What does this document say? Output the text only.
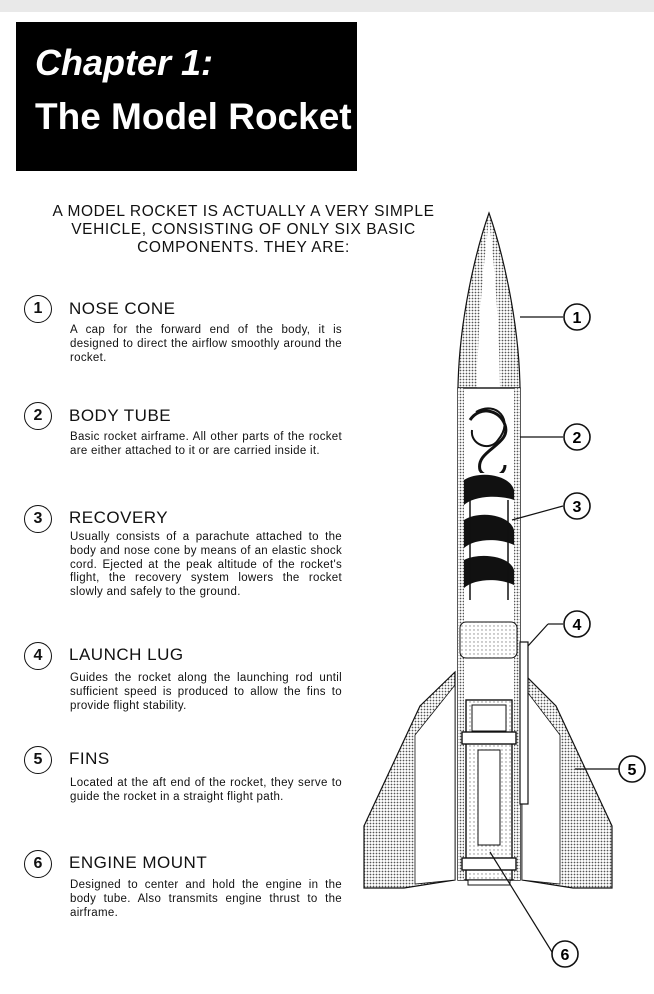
Chapter 1:
The Model Rocket
A MODEL ROCKET IS ACTUALLY A VERY SIMPLE VEHICLE, CONSISTING OF ONLY SIX BASIC COMPONENTS. THEY ARE:
1	NOSE CONE
A cap for the forward end of the body, it is designed to direct the airflow smoothly around the rocket.
2	BODY TUBE
Basic rocket airframe. All other parts of the rocket are either attached to it or are carried inside it.
3	RECOVERY
Usually consists of a parachute attached to the body and nose cone by means of an elastic shock cord. Ejected at the peak altitude of the rocket's flight, the recovery system lowers the rocket slowly and safely to the ground.
4	LAUNCH LUG
Guides the rocket along the launching rod until sufficient speed is produced to allow the fins to provide flight stability.
5	FINS
Located at the aft end of the rocket, they serve to guide the rocket in a straight flight path.
6	ENGINE MOUNT
Designed to center and hold the engine in the body tube. Also transmits engine thrust to the airframe.
1
2
3
4
5
6
